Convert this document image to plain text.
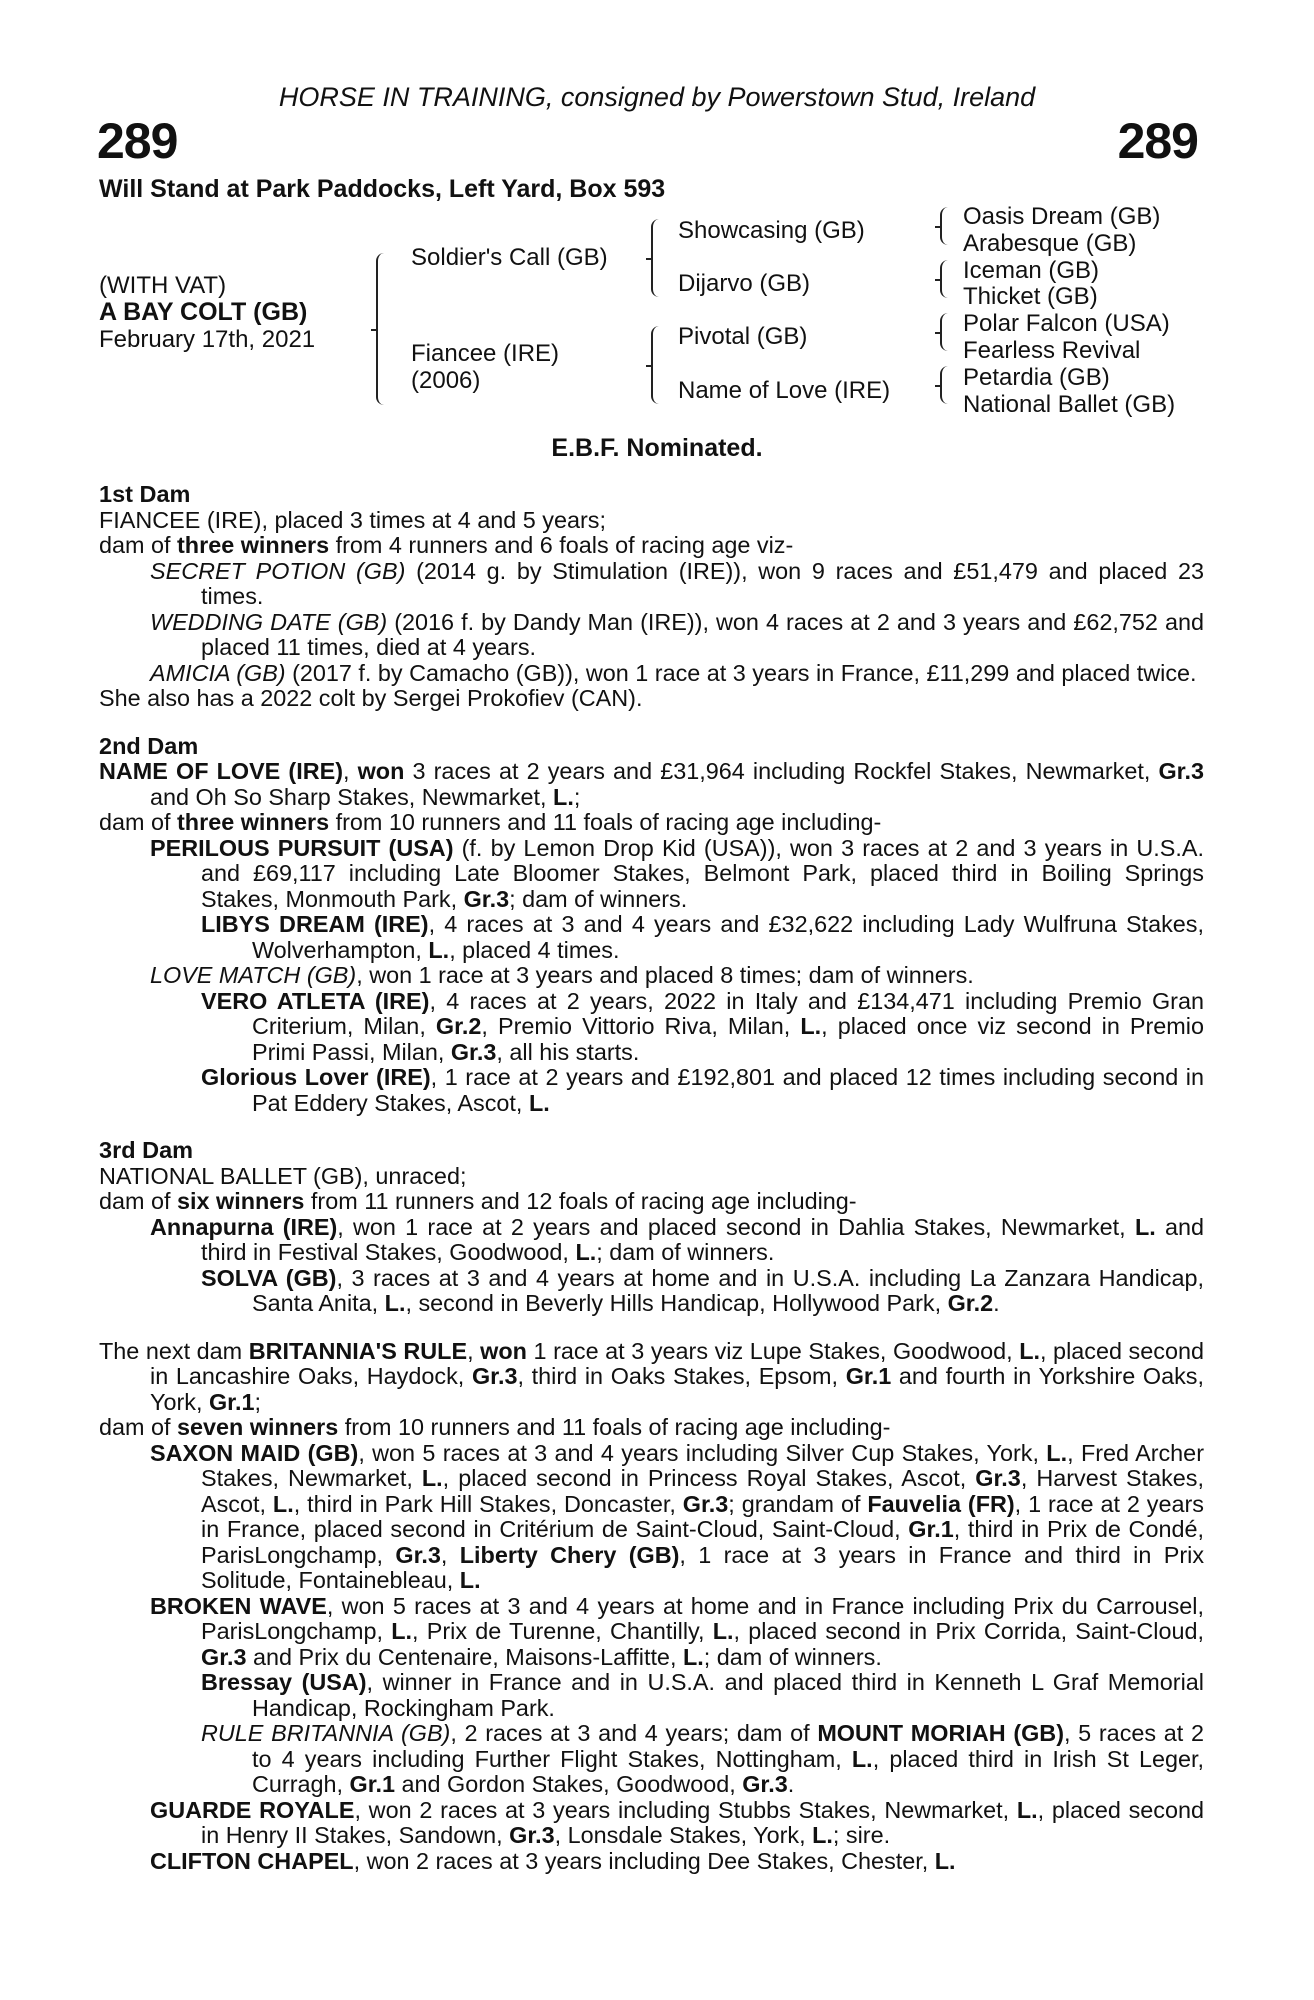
HORSE IN TRAINING, consigned by Powerstown Stud, Ireland
289	289
Will Stand at Park Paddocks, Left Yard, Box 593
(WITH VAT)
A BAY COLT (GB)
February 17th, 2021
Soldier's Call (GB)
Fiancee (IRE)
(2006)
Showcasing (GB)
Dijarvo (GB)
Pivotal (GB)
Name of Love (IRE)
Oasis Dream (GB)
Arabesque (GB)
Iceman (GB)
Thicket (GB)
Polar Falcon (USA)
Fearless Revival
Petardia (GB)
National Ballet (GB)
E.B.F. Nominated.
1st Dam

FIANCEE (IRE), placed 3 times at 4 and 5 years;

dam of three winners from 4 runners and 6 foals of racing age viz-

SECRET POTION (GB) (2014 g. by Stimulation (IRE)), won 9 races and £51,479 and placed 23 times.

WEDDING DATE (GB) (2016 f. by Dandy Man (IRE)), won 4 races at 2 and 3 years and £62,752 and placed 11 times, died at 4 years.

AMICIA (GB) (2017 f. by Camacho (GB)), won 1 race at 3 years in France, £11,299 and placed twice.

She also has a 2022 colt by Sergei Prokofiev (CAN).

2nd Dam

NAME OF LOVE (IRE), won 3 races at 2 years and £31,964 including Rockfel Stakes, Newmarket, Gr.3 and Oh So Sharp Stakes, Newmarket, L.;

dam of three winners from 10 runners and 11 foals of racing age including-

PERILOUS PURSUIT (USA) (f. by Lemon Drop Kid (USA)), won 3 races at 2 and 3 years in U.S.A. and £69,117 including Late Bloomer Stakes, Belmont Park, placed third in Boiling Springs Stakes, Monmouth Park, Gr.3; dam of winners.

LIBYS DREAM (IRE), 4 races at 3 and 4 years and £32,622 including Lady Wulfruna Stakes, Wolverhampton, L., placed 4 times.

LOVE MATCH (GB), won 1 race at 3 years and placed 8 times; dam of winners.

VERO ATLETA (IRE), 4 races at 2 years, 2022 in Italy and £134,471 including Premio Gran Criterium, Milan, Gr.2, Premio Vittorio Riva, Milan, L., placed once viz second in Premio Primi Passi, Milan, Gr.3, all his starts.

Glorious Lover (IRE), 1 race at 2 years and £192,801 and placed 12 times including second in Pat Eddery Stakes, Ascot, L.

3rd Dam

NATIONAL BALLET (GB), unraced;

dam of six winners from 11 runners and 12 foals of racing age including-

Annapurna (IRE), won 1 race at 2 years and placed second in Dahlia Stakes, Newmarket, L. and third in Festival Stakes, Goodwood, L.; dam of winners.

SOLVA (GB), 3 races at 3 and 4 years at home and in U.S.A. including La Zanzara Handicap, Santa Anita, L., second in Beverly Hills Handicap, Hollywood Park, Gr.2.

The next dam BRITANNIA'S RULE, won 1 race at 3 years viz Lupe Stakes, Goodwood, L., placed second in Lancashire Oaks, Haydock, Gr.3, third in Oaks Stakes, Epsom, Gr.1 and fourth in Yorkshire Oaks, York, Gr.1;

dam of seven winners from 10 runners and 11 foals of racing age including-

SAXON MAID (GB), won 5 races at 3 and 4 years including Silver Cup Stakes, York, L., Fred Archer Stakes, Newmarket, L., placed second in Princess Royal Stakes, Ascot, Gr.3, Harvest Stakes, Ascot, L., third in Park Hill Stakes, Doncaster, Gr.3; grandam of Fauvelia (FR), 1 race at 2 years in France, placed second in Critérium de Saint-Cloud, Saint-Cloud, Gr.1, third in Prix de Condé, ParisLongchamp, Gr.3, Liberty Chery (GB), 1 race at 3 years in France and third in Prix Solitude, Fontainebleau, L.

BROKEN WAVE, won 5 races at 3 and 4 years at home and in France including Prix du Carrousel, ParisLongchamp, L., Prix de Turenne, Chantilly, L., placed second in Prix Corrida, Saint-Cloud, Gr.3 and Prix du Centenaire, Maisons-Laffitte, L.; dam of winners.

Bressay (USA), winner in France and in U.S.A. and placed third in Kenneth L Graf Memorial Handicap, Rockingham Park.

RULE BRITANNIA (GB), 2 races at 3 and 4 years; dam of MOUNT MORIAH (GB), 5 races at 2 to 4 years including Further Flight Stakes, Nottingham, L., placed third in Irish St Leger, Curragh, Gr.1 and Gordon Stakes, Goodwood, Gr.3.

GUARDE ROYALE, won 2 races at 3 years including Stubbs Stakes, Newmarket, L., placed second in Henry II Stakes, Sandown, Gr.3, Lonsdale Stakes, York, L.; sire.

CLIFTON CHAPEL, won 2 races at 3 years including Dee Stakes, Chester, L.
